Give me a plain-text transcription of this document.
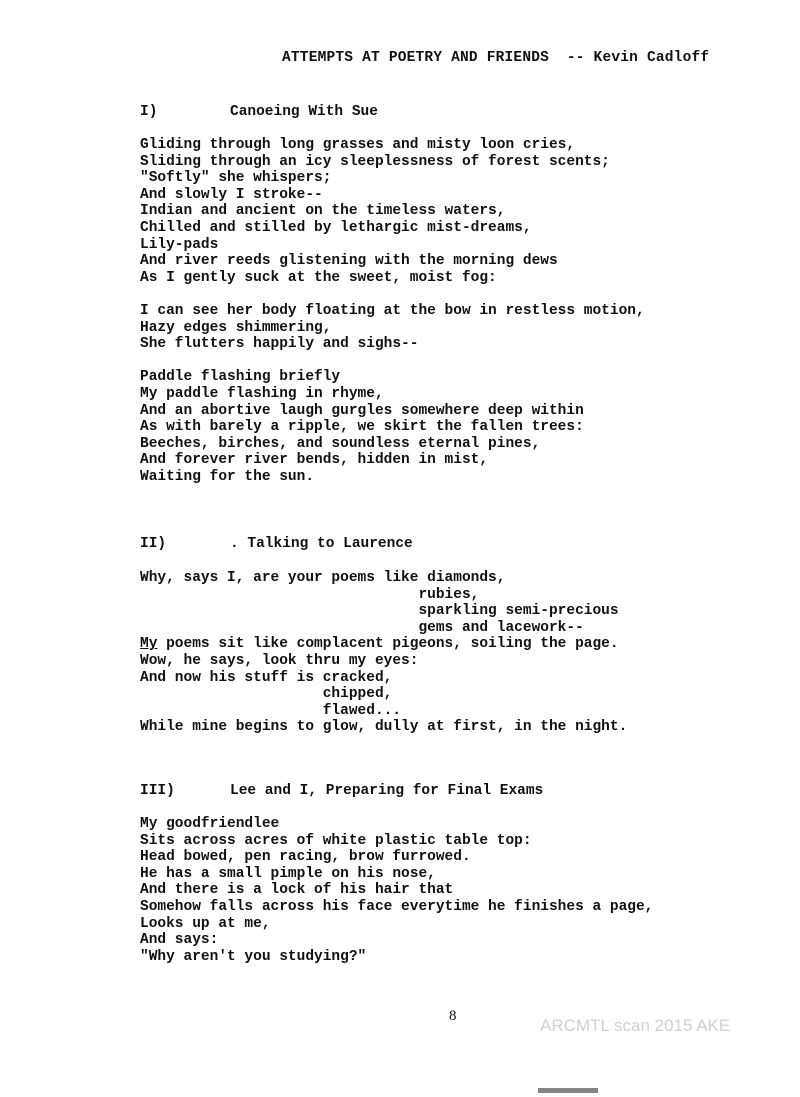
ATTEMPTS AT POETRY AND FRIENDS  -- Kevin Cadloff
I)	Canoeing With Sue
Gliding through long grasses and misty loon cries,
Sliding through an icy sleeplessness of forest scents;
"Softly" she whispers;
And slowly I stroke--
Indian and ancient on the timeless waters,
Chilled and stilled by lethargic mist-dreams,
Lily-pads
And river reeds glistening with the morning dews
As I gently suck at the sweet, moist fog:
I can see her body floating at the bow in restless motion,
Hazy edges shimmering,
She flutters happily and sighs--
Paddle flashing briefly
My paddle flashing in rhyme,
And an abortive laugh gurgles somewhere deep within
As with barely a ripple, we skirt the fallen trees:
Beeches, birches, and soundless eternal pines,
And forever river bends, hidden in mist,
Waiting for the sun.
II)	. Talking to Laurence
Why, says I, are your poems like diamonds,
rubies,
sparkling semi-precious
gems and lacework--
My poems sit like complacent pigeons, soiling the page.
Wow, he says, look thru my eyes:
And now his stuff is cracked,
chipped,
flawed...
While mine begins to glow, dully at first, in the night.
III)	Lee and I, Preparing for Final Exams
My goodfriendlee
Sits across acres of white plastic table top:
Head bowed, pen racing, brow furrowed.
He has a small pimple on his nose,
And there is a lock of his hair that
Somehow falls across his face everytime he finishes a page,
Looks up at me,
And says:
"Why aren't you studying?"
8	ARCMTL scan 2015 AKE
